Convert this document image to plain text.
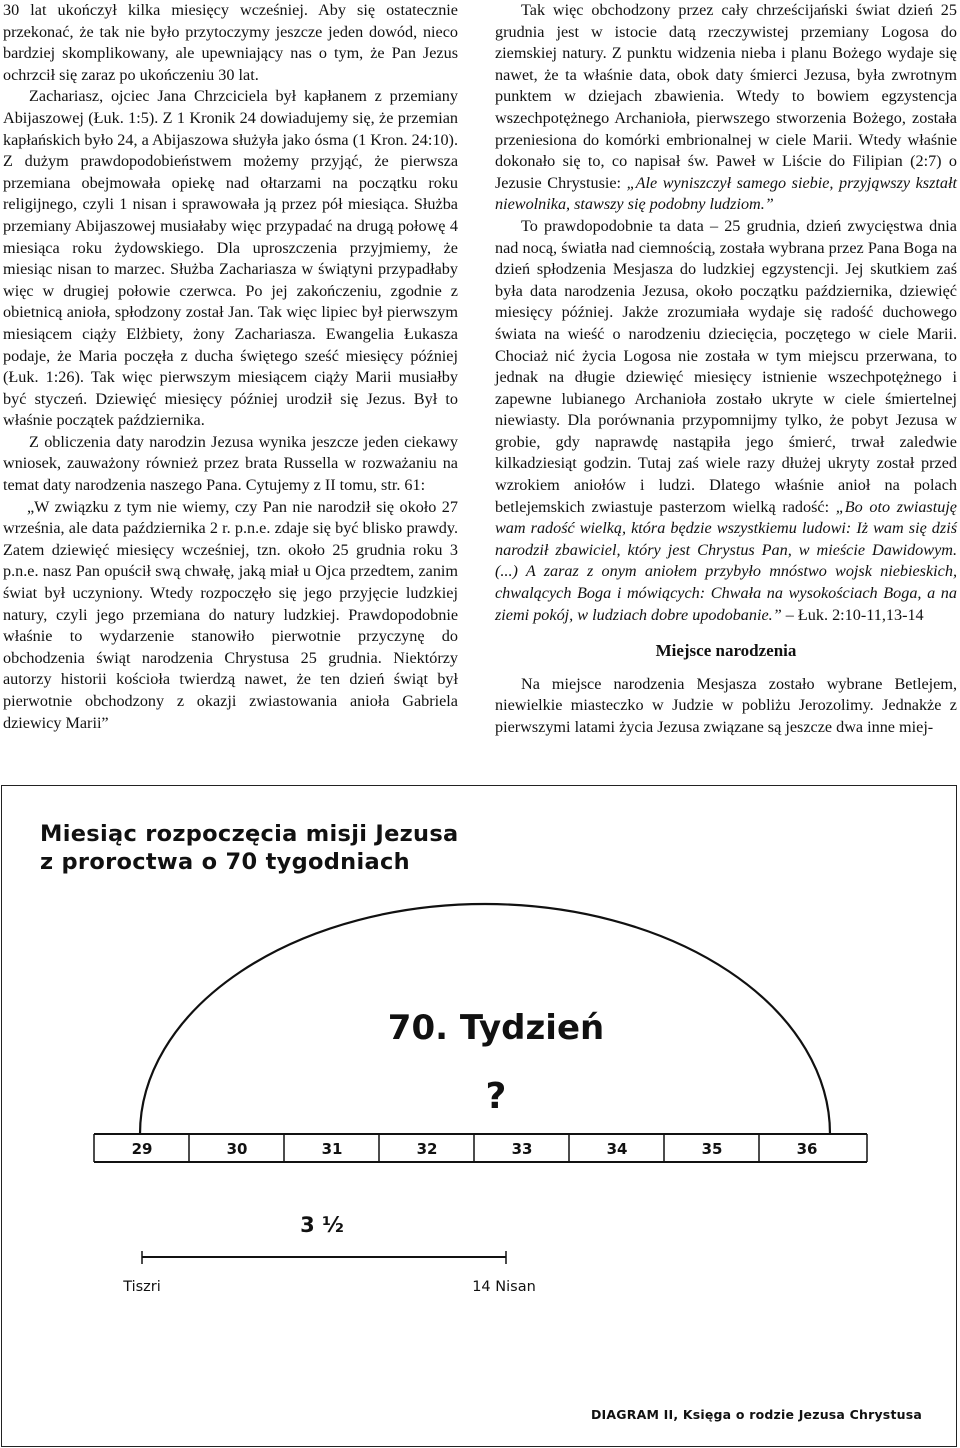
30 lat ukończył kilka miesięcy wcześniej. Aby się ostatecznie przekonać, że tak nie było przytoczymy jeszcze jeden dowód, nieco bardziej skomplikowany, ale upewniający nas o tym, że Pan Jezus ochrzcił się zaraz po ukończeniu 30 lat.

Zachariasz, ojciec Jana Chrzciciela był kapłanem z przemiany Abijaszowej (Łuk. 1:5). Z 1 Kronik 24 dowiadujemy się, że przemian kapłańskich było 24, a Abijaszowa służyła jako ósma (1 Kron. 24:10). Z dużym prawdopodobieństwem możemy przyjąć, że pierwsza przemiana obejmowała opiekę nad ołtarzami na początku roku religijnego, czyli 1 nisan i sprawowała ją przez pół miesiąca. Służba przemiany Abijaszowej musiałaby więc przypadać na drugą połowę 4 miesiąca roku żydowskiego. Dla uproszczenia przyjmiemy, że miesiąc nisan to marzec. Służba Zachariasza w świątyni przypadłaby więc w drugiej połowie czerwca. Po jej zakończeniu, zgodnie z obietnicą anioła, spłodzony został Jan. Tak więc lipiec był pierwszym miesiącem ciąży Elżbiety, żony Zachariasza. Ewangelia Łukasza podaje, że Maria poczęła z ducha świętego sześć miesięcy później (Łuk. 1:26). Tak więc pierwszym miesiącem ciąży Marii musiałby być styczeń. Dziewięć miesięcy później urodził się Jezus. Był to właśnie początek października.

Z obliczenia daty narodzin Jezusa wynika jeszcze jeden ciekawy wniosek, zauważony również przez brata Russella w rozważaniu na temat daty narodzenia naszego Pana. Cytujemy z II tomu, str. 61:

„W związku z tym nie wiemy, czy Pan nie narodził się około 27 września, ale data października 2 r. p.n.e. zdaje się być blisko prawdy. Zatem dziewięć miesięcy wcześniej, tzn. około 25 grudnia roku 3 p.n.e. nasz Pan opuścił swą chwałę, jaką miał u Ojca przedtem, zanim świat był uczyniony. Wtedy rozpoczęło się jego przyjęcie ludzkiej natury, czyli jego przemiana do natury ludzkiej. Prawdopodobnie właśnie to wydarzenie stanowiło pierwotnie przyczynę do obchodzenia świąt narodzenia Chrystusa 25 grudnia. Niektórzy autorzy historii kościoła twierdzą nawet, że ten dzień świąt był pierwotnie obchodzony z okazji zwiastowania anioła Gabriela dziewicy Marii”

Tak więc obchodzony przez cały chrześcijański świat dzień 25 grudnia jest w istocie datą rzeczywistej przemiany Logosa do ziemskiej natury. Z punktu widzenia nieba i planu Bożego wydaje się nawet, że ta właśnie data, obok daty śmierci Jezusa, była zwrotnym punktem w dziejach zbawienia. Wtedy to bowiem egzystencja wszechpotężnego Archanioła, pierwszego stworzenia Bożego, została przeniesiona do komórki embrionalnej w ciele Marii. Wtedy właśnie dokonało się to, co napisał św. Paweł w Liście do Filipian (2:7) o Jezusie Chrystusie: „Ale wyniszczył samego siebie, przyjąwszy kształt niewolnika, stawszy się podobny ludziom.”

To prawdopodobnie ta data – 25 grudnia, dzień zwycięstwa dnia nad nocą, światła nad ciemnością, została wybrana przez Pana Boga na dzień spłodzenia Mesjasza do ludzkiej egzystencji. Jej skutkiem zaś była data narodzenia Jezusa, około początku października, dziewięć miesięcy później. Jakże zrozumiała wydaje się radość duchowego świata na wieść o narodzeniu dziecięcia, poczętego w ciele Marii. Chociaż nić życia Logosa nie została w tym miejscu przerwana, to jednak na długie dziewięć miesięcy istnienie wszechpotężnego i zapewne lubianego Archanioła zostało ukryte w ciele śmiertelnej niewiasty. Dla porównania przypomnijmy tylko, że pobyt Jezusa w grobie, gdy naprawdę nastąpiła jego śmierć, trwał zaledwie kilkadziesiąt godzin. Tutaj zaś wiele razy dłużej ukryty został przed wzrokiem aniołów i ludzi. Dlatego właśnie anioł na polach betlejemskich zwiastuje pasterzom wielką radość: „Bo oto zwiastuję wam radość wielką, która będzie wszystkiemu ludowi: Iż wam się dziś narodził zbawiciel, który jest Chrystus Pan, w mieście Dawidowym. (...) A zaraz z onym aniołem przybyło mnóstwo wojsk niebieskich, chwalących Boga i mówiących: Chwała na wysokościach Boga, a na ziemi pokój, w ludziach dobre upodobanie.” – Łuk. 2:10-11,13-14

Miejsce narodzenia

Na miejsce narodzenia Mesjasza zostało wybrane Betlejem, niewielkie miasteczko w Judzie w pobliżu Jerozolimy. Jednakże z pierwszymi latami życia Jezusa związane są jeszcze dwa inne miej-

Miesiąc rozpoczęcia misji Jezusa
z proroctwa o 70 tygodniach
29	30	31	32	33	34	35	36
70. Tydzień
?
3 ½
Tiszri	14 Nisan
DIAGRAM II, Księga o rodzie Jezusa Chrystusa
